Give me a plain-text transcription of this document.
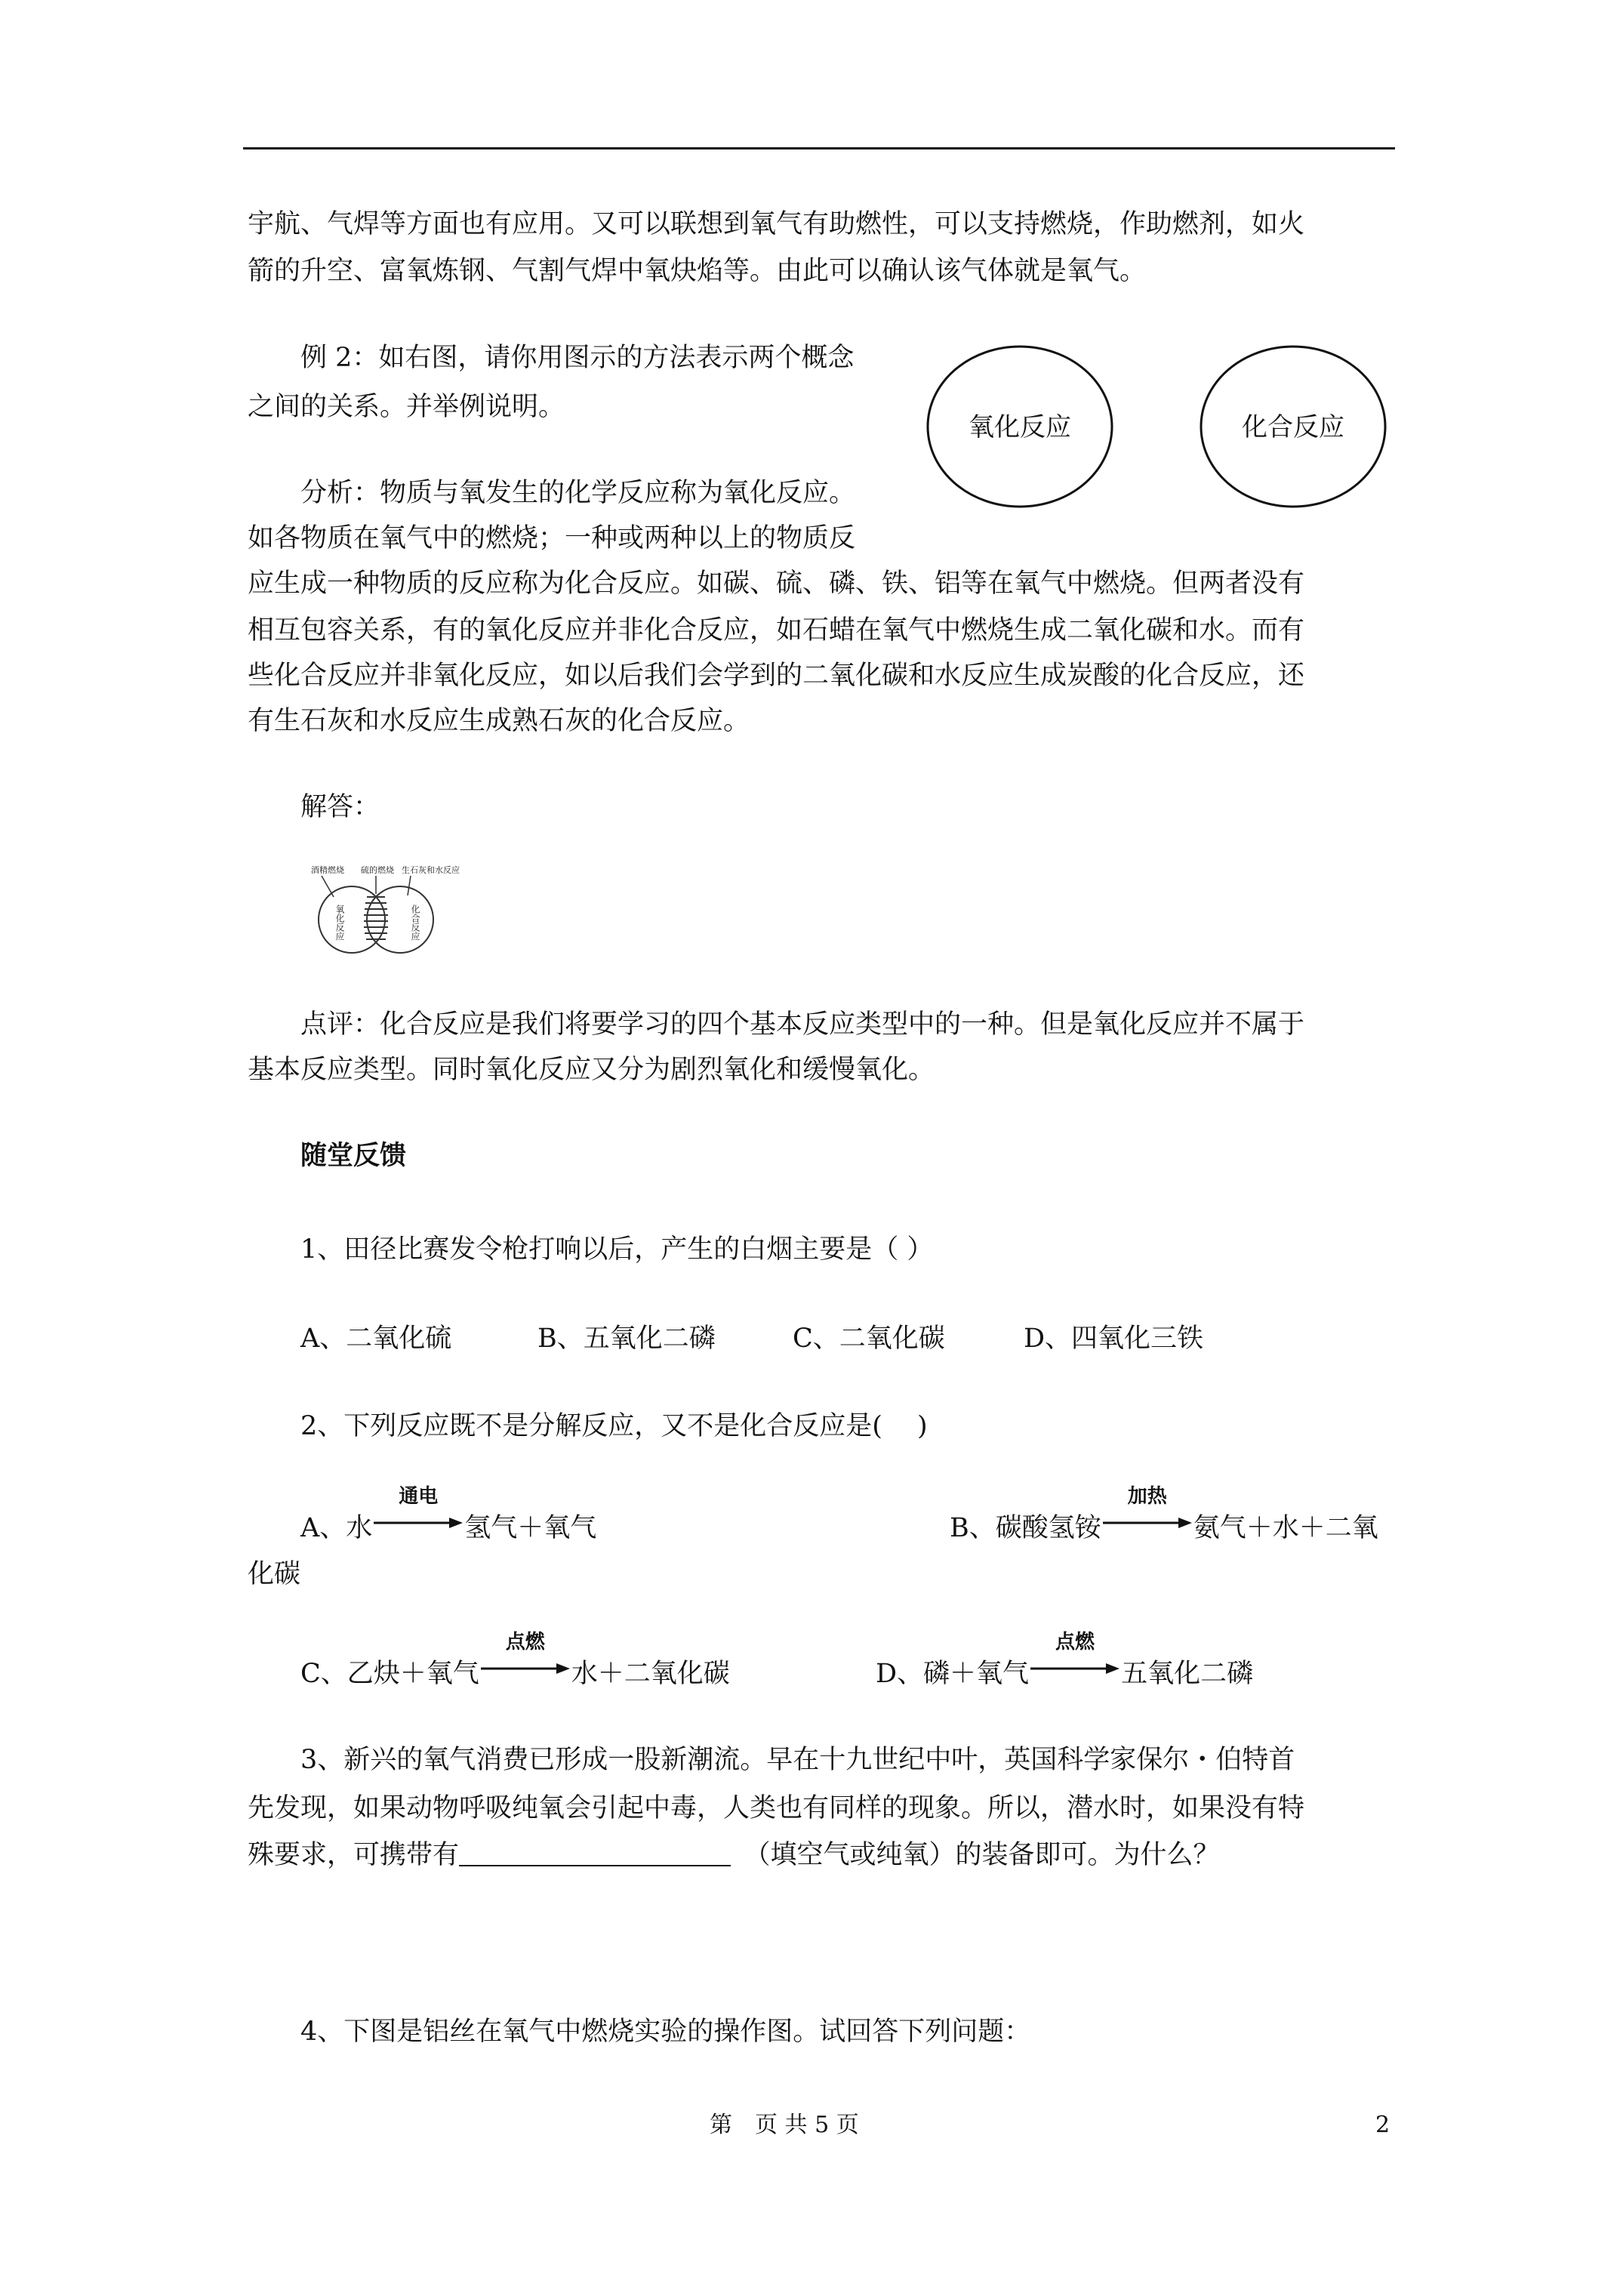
宇航、气焊等方面也有应用。又可以联想到氧气有助燃性，可以支持燃烧，作助燃剂，如火
箭的升空、富氧炼钢、气割气焊中氧炔焰等。由此可以确认该气体就是氧气。
例 2：如右图，请你用图示的方法表示两个概念
之间的关系。并举例说明。
氧化反应	化合反应
分析：物质与氧发生的化学反应称为氧化反应。
如各物质在氧气中的燃烧；一种或两种以上的物质反
应生成一种物质的反应称为化合反应。如碳、硫、磷、铁、铝等在氧气中燃烧。但两者没有
相互包容关系，有的氧化反应并非化合反应，如石蜡在氧气中燃烧生成二氧化碳和水。而有
些化合反应并非氧化反应，如以后我们会学到的二氧化碳和水反应生成炭酸的化合反应，还
有生石灰和水反应生成熟石灰的化合反应。
解答：
酒精燃烧 硫的燃烧 生石灰和水反应
氧化反应	化合反应
点评：化合反应是我们将要学习的四个基本反应类型中的一种。但是氧化反应并不属于
基本反应类型。同时氧化反应又分为剧烈氧化和缓慢氧化。
随堂反馈
1、田径比赛发令枪打响以后，产生的白烟主要是（ ）
A、二氧化硫	B、五氧化二磷	C、二氧化碳	D、四氧化三铁
2、下列反应既不是分解反应，又不是化合反应是(　 )
A、水
通电
氢气＋氧气	B、碳酸氢铵
加热
氨气＋水＋二氧
化碳
C、乙炔＋氧气
点燃
水＋二氧化碳	D、磷＋氧气
点燃
五氧化二磷
3、新兴的氧气消费已形成一股新潮流。早在十九世纪中叶，英国科学家保尔・伯特首
先发现，如果动物呼吸纯氧会引起中毒，人类也有同样的现象。所以，潜水时，如果没有特
殊要求，可携带有	　（填空气或纯氧）的装备即可。为什么？
4、下图是铝丝在氧气中燃烧实验的操作图。试回答下列问题：
第　页 共 5 页	2
